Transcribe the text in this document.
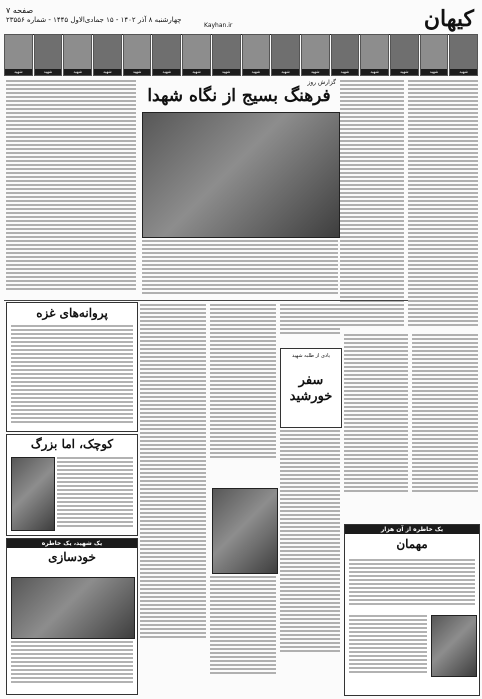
کیهان
صفحه ۷
چهارشنبه ۸ آذر ۱۴۰۲ - ۱۵ جمادی‌الاول ۱۴۴۵ - شماره ۲۳۵۵۶
Kayhan.ir
شهید
شهید
شهید
شهید
شهید
شهید
شهید
شهید
شهید
شهید
شهید
شهید
شهید
شهید
شهید
شهید
گزارش روز
فرهنگ بسیج از نگاه شهدا
پروانه‌های غزه
کوچک، اما بزرگ
یک شهید، یک خاطره
خودسازی
یادی از طلبه شهید
سفر خورشید
یک خاطره از آن هزار
مهمان
